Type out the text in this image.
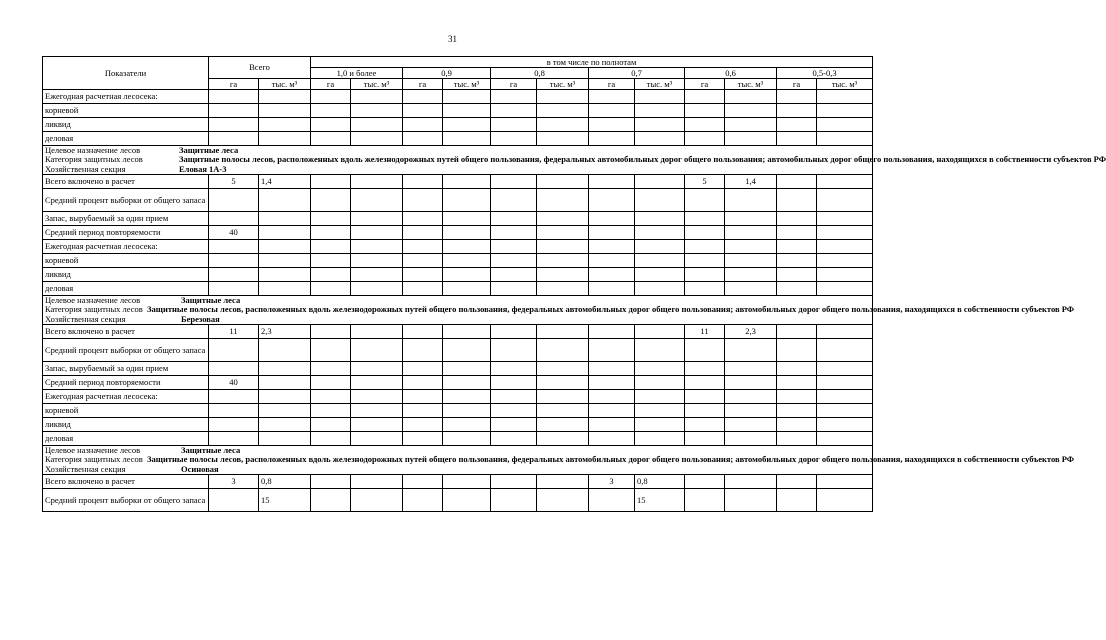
31
Показатели	Всего		в том числе по полнотам											
			1,0 и более		0,9		0,8		0,7		0,6		0,5-0,3	
	га	тыс. м³	га	тыс. м³	га	тыс. м³	га	тыс. м³	га	тыс. м³	га	тыс. м³	га	тыс. м³
Ежегодная расчетная лесосека:														
корневой														
ликвид														
деловая														
Целевое назначение лесов Защитные леса
Категория защитных лесов Защитные полосы лесов, расположенных вдоль железнодорожных путей общего пользования, федеральных автомобильных дорог общего пользования; автомобильных дорог общего пользования, находящихся в собственности субъектов РФ
Хозяйственная секция Еловая 1А-3														
Всего включено в расчет	5	1,4									5	1,4		
Средний процент выборки от общего запаса														
Запас, вырубаемый за один прием														
Средний период повторяемости	40													
Ежегодная расчетная лесосека:														
корневой														
ликвид														
деловая														
Целевое назначение лесов Защитные леса
Категория защитных лесов Защитные полосы лесов, расположенных вдоль железнодорожных путей общего пользования, федеральных автомобильных дорог общего пользования; автомобильных дорог общего пользования, находящихся в собственности субъектов РФ
Хозяйственная секция Березовая														
Всего включено в расчет	11	2,3									11	2,3		
Средний процент выборки от общего запаса														
Запас, вырубаемый за один прием														
Средний период повторяемости	40													
Ежегодная расчетная лесосека:														
корневой														
ликвид														
деловая														
Целевое назначение лесов Защитные леса
Категория защитных лесов Защитные полосы лесов, расположенных вдоль железнодорожных путей общего пользования, федеральных автомобильных дорог общего пользования; автомобильных дорог общего пользования, находящихся в собственности субъектов РФ
Хозяйственная секция Осиновая														
Всего включено в расчет	3	0,8							3	0,8				
Средний процент выборки от общего запаса		15								15				
